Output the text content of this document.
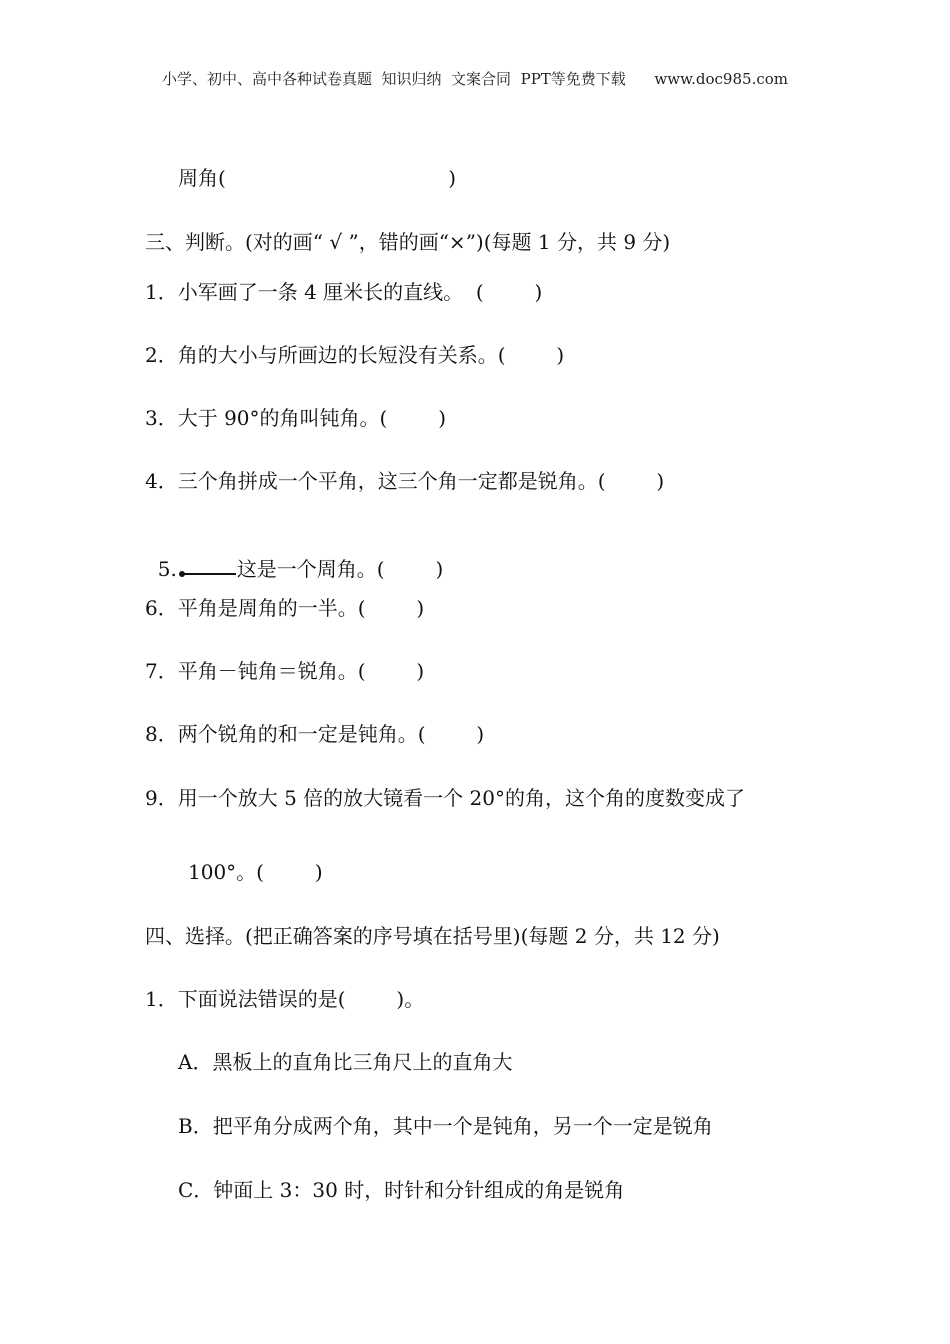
小学、初中、高中各种试卷真题  知识归纳  文案合同  PPT等免费下载      www.doc985.com
周角(                                   )
三、判断。(对的画“ √ ”，错的画“×”)(每题 1 分，共 9 分)
1．小军画了一条 4 厘米长的直线。  (        )
2．角的大小与所画边的长短没有关系。(        )
3．大于 90°的角叫钝角。(        )
4．三个角拼成一个平角，这三个角一定都是锐角。(        )

5.	这是一个周角。(        )

6．平角是周角的一半。(        )
7．平角－钝角＝锐角。(        )
8．两个锐角的和一定是钝角。(        )
9．用一个放大 5 倍的放大镜看一个 20°的角，这个角的度数变成了
100°。(        )
四、选择。(把正确答案的序号填在括号里)(每题 2 分，共 12 分)
1．下面说法错误的是(        )。
A．黑板上的直角比三角尺上的直角大
B．把平角分成两个角，其中一个是钝角，另一个一定是锐角
C．钟面上 3：30 时，时针和分针组成的角是锐角
